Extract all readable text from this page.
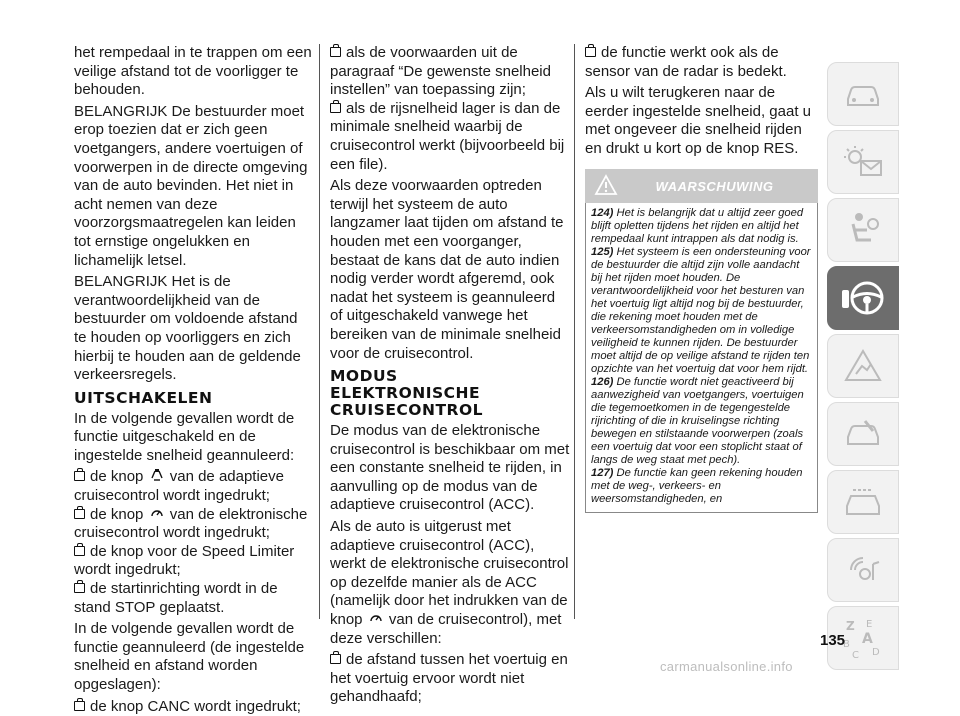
het rempedaal in te trappen om een veilige afstand tot de voorligger te behouden.

BELANGRIJK De bestuurder moet erop toezien dat er zich geen voetgangers, andere voertuigen of voorwerpen in de directe omgeving van de auto bevinden. Het niet in acht nemen van deze voorzorgsmaatregelen kan leiden tot ernstige ongelukken en lichamelijk letsel.

BELANGRIJK Het is de verantwoordelijkheid van de bestuurder om voldoende afstand te houden op voorliggers en zich hierbij te houden aan de geldende verkeersregels.

UITSCHAKELEN

In de volgende gevallen wordt de functie uitgeschakeld en de ingestelde snelheid geannuleerd:

de knop van de adaptieve cruisecontrol wordt ingedrukt;
de knop van de elektronische cruisecontrol wordt ingedrukt;
de knop voor de Speed Limiter wordt ingedrukt;
de startinrichting wordt in de stand STOP geplaatst.

In de volgende gevallen wordt de functie geannuleerd (de ingestelde snelheid en afstand worden opgeslagen):

de knop CANC wordt ingedrukt;
als de voorwaarden uit de paragraaf “De gewenste snelheid instellen” van toepassing zijn;
als de rijsnelheid lager is dan de minimale snelheid waarbij de cruisecontrol werkt (bijvoorbeeld bij een file).

Als deze voorwaarden optreden terwijl het systeem de auto langzamer laat tijden om afstand te houden met een voorganger, bestaat de kans dat de auto indien nodig verder wordt afgeremd, ook nadat het systeem is geannuleerd of uitgeschakeld vanwege het bereiken van de minimale snelheid voor de cruisecontrol.

MODUS
ELEKTRONISCHE
CRUISECONTROL

De modus van de elektronische cruisecontrol is beschikbaar om met een constante snelheid te rijden, in aanvulling op de modus van de adaptieve cruisecontrol (ACC).

Als de auto is uitgerust met adaptieve cruisecontrol (ACC), werkt de elektronische cruisecontrol op dezelfde manier als de ACC (namelijk door het indrukken van de knop van de cruisecontrol), met deze verschillen:

de afstand tussen het voertuig en het voertuig ervoor wordt niet gehandhaafd;
de functie werkt ook als de sensor van de radar is bedekt.

Als u wilt terugkeren naar de eerder ingestelde snelheid, gaat u met ongeveer die snelheid rijden en drukt u kort op de knop RES.

WAARSCHUWING
124) Het is belangrijk dat u altijd zeer goed blijft opletten tijdens het rijden en altijd het rempedaal kunt intrappen als dat nodig is.
125) Het systeem is een ondersteuning voor de bestuurder die altijd zijn volle aandacht bij het rijden moet houden. De verantwoordelijkheid voor het besturen van het voertuig ligt altijd nog bij de bestuurder, die rekening moet houden met de verkeersomstandigheden om in volledige veiligheid te kunnen rijden. De bestuurder moet altijd de op veilige afstand te rijden ten opzichte van het voertuig dat voor hem rijdt.
126) De functie wordt niet geactiveerd bij aanwezigheid van voetgangers, voertuigen die tegemoetkomen in de tegengestelde rijrichting of die in kruiselingse richting bewegen en stilstaande voorwerpen (zoals een voertuig dat voor een stoplicht staat of langs de weg staat met pech).
127) De functie kan geen rekening houden met de weg-, verkeers- en weersomstandigheden, en
Z E
A
B
C D
135
carmanualsonline.info
